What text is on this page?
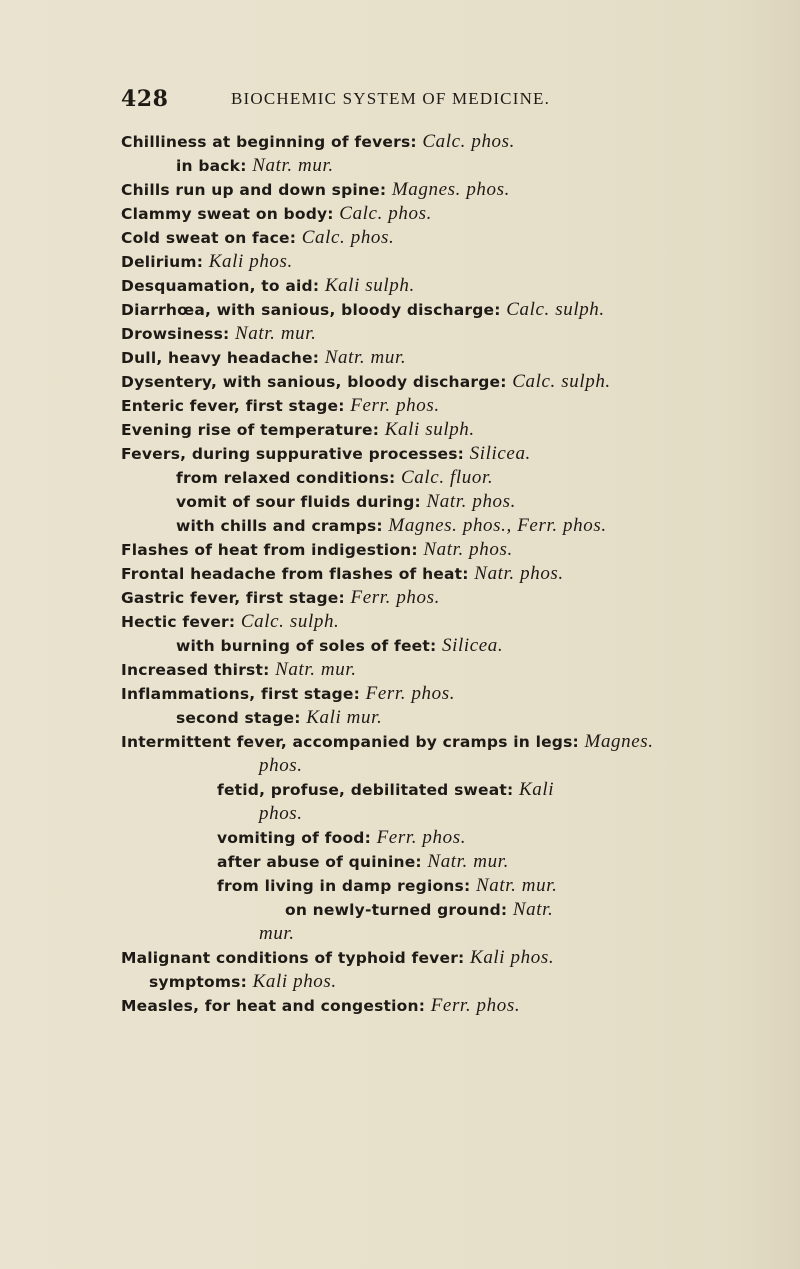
428	BIOCHEMIC SYSTEM OF MEDICINE.
Chilliness at beginning of fevers: Calc. phos.
in back: Natr. mur.
Chills run up and down spine: Magnes. phos.
Clammy sweat on body: Calc. phos.
Cold sweat on face: Calc. phos.
Delirium: Kali phos.
Desquamation, to aid: Kali sulph.
Diarrhœa, with sanious, bloody discharge: Calc. sulph.
Drowsiness: Natr. mur.
Dull, heavy headache: Natr. mur.
Dysentery, with sanious, bloody discharge: Calc. sulph.
Enteric fever, first stage: Ferr. phos.
Evening rise of temperature: Kali sulph.
Fevers, during suppurative processes: Silicea.
from relaxed conditions: Calc. fluor.
vomit of sour fluids during: Natr. phos.
with chills and cramps: Magnes. phos., Ferr. phos.
Flashes of heat from indigestion: Natr. phos.
Frontal headache from flashes of heat: Natr. phos.
Gastric fever, first stage: Ferr. phos.
Hectic fever: Calc. sulph.
with burning of soles of feet: Silicea.
Increased thirst: Natr. mur.
Inflammations, first stage: Ferr. phos.
second stage: Kali mur.
Intermittent fever, accompanied by cramps in legs: Magnes.
phos.
fetid, profuse, debilitated sweat: Kali
phos.
vomiting of food: Ferr. phos.
after abuse of quinine: Natr. mur.
from living in damp regions: Natr. mur.
on newly-turned ground: Natr.
mur.
Malignant conditions of typhoid fever: Kali phos.
symptoms: Kali phos.
Measles, for heat and congestion: Ferr. phos.
